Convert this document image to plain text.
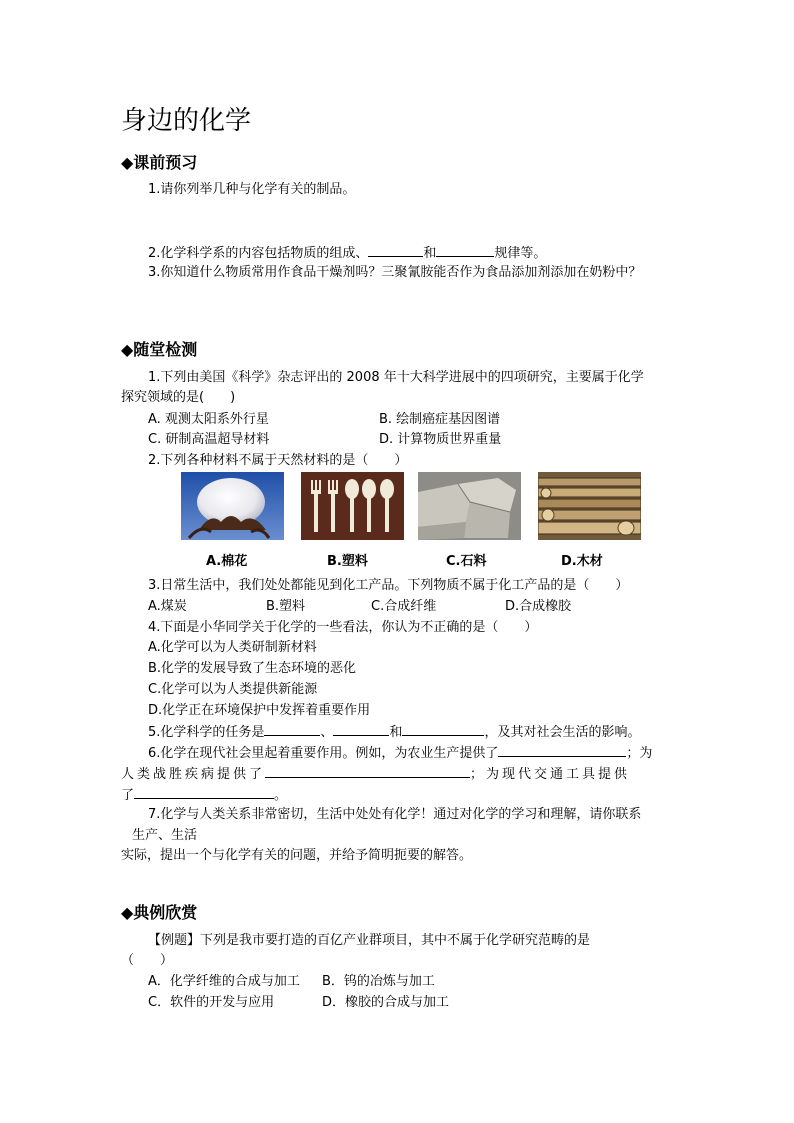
身边的化学
◆课前预习
1.请你列举几种与化学有关的制品。
2.化学科学系的内容包括物质的组成、	和	规律等。
3.你知道什么物质常用作食品干燥剂吗？三聚氰胺能否作为食品添加剂添加在奶粉中？
◆随堂检测
1.下列由美国《科学》杂志评出的 2008 年十大科学进展中的四项研究，主要属于化学
探究领域的是(　　)
A. 观测太阳系外行星	B. 绘制癌症基因图谱
C. 研制高温超导材料	D. 计算物质世界重量
2.下列各种材料不属于天然材料的是（　　）
A.棉花	B.塑料	C.石料	D.木材
3.日常生活中，我们处处都能见到化工产品。下列物质不属于化工产品的是（　　）
A.煤炭	B.塑料	C.合成纤维	D.合成橡胶
4.下面是小华同学关于化学的一些看法，你认为不正确的是（　　）
A.化学可以为人类研制新材料
B.化学的发展导致了生态环境的恶化
C.化学可以为人类提供新能源
D.化学正在环境保护中发挥着重要作用
5.化学科学的任务是	、	和	，及其对社会生活的影响。
6.化学在现代社会里起着重要作用。例如，为农业生产提供了	；为
人类战胜疾病提供了	；为现代交通工具提供
了	。
7.化学与人类关系非常密切，生活中处处有化学！通过对化学的学习和理解，请你联系
生产、生活
实际，提出一个与化学有关的问题，并给予简明扼要的解答。
◆典例欣赏
【例题】下列是我市要打造的百亿产业群项目，其中不属于化学研究范畴的是
（　　）
A．化学纤维的合成与加工 B．钨的冶炼与加工
C．软件的开发与应用	D．橡胶的合成与加工
